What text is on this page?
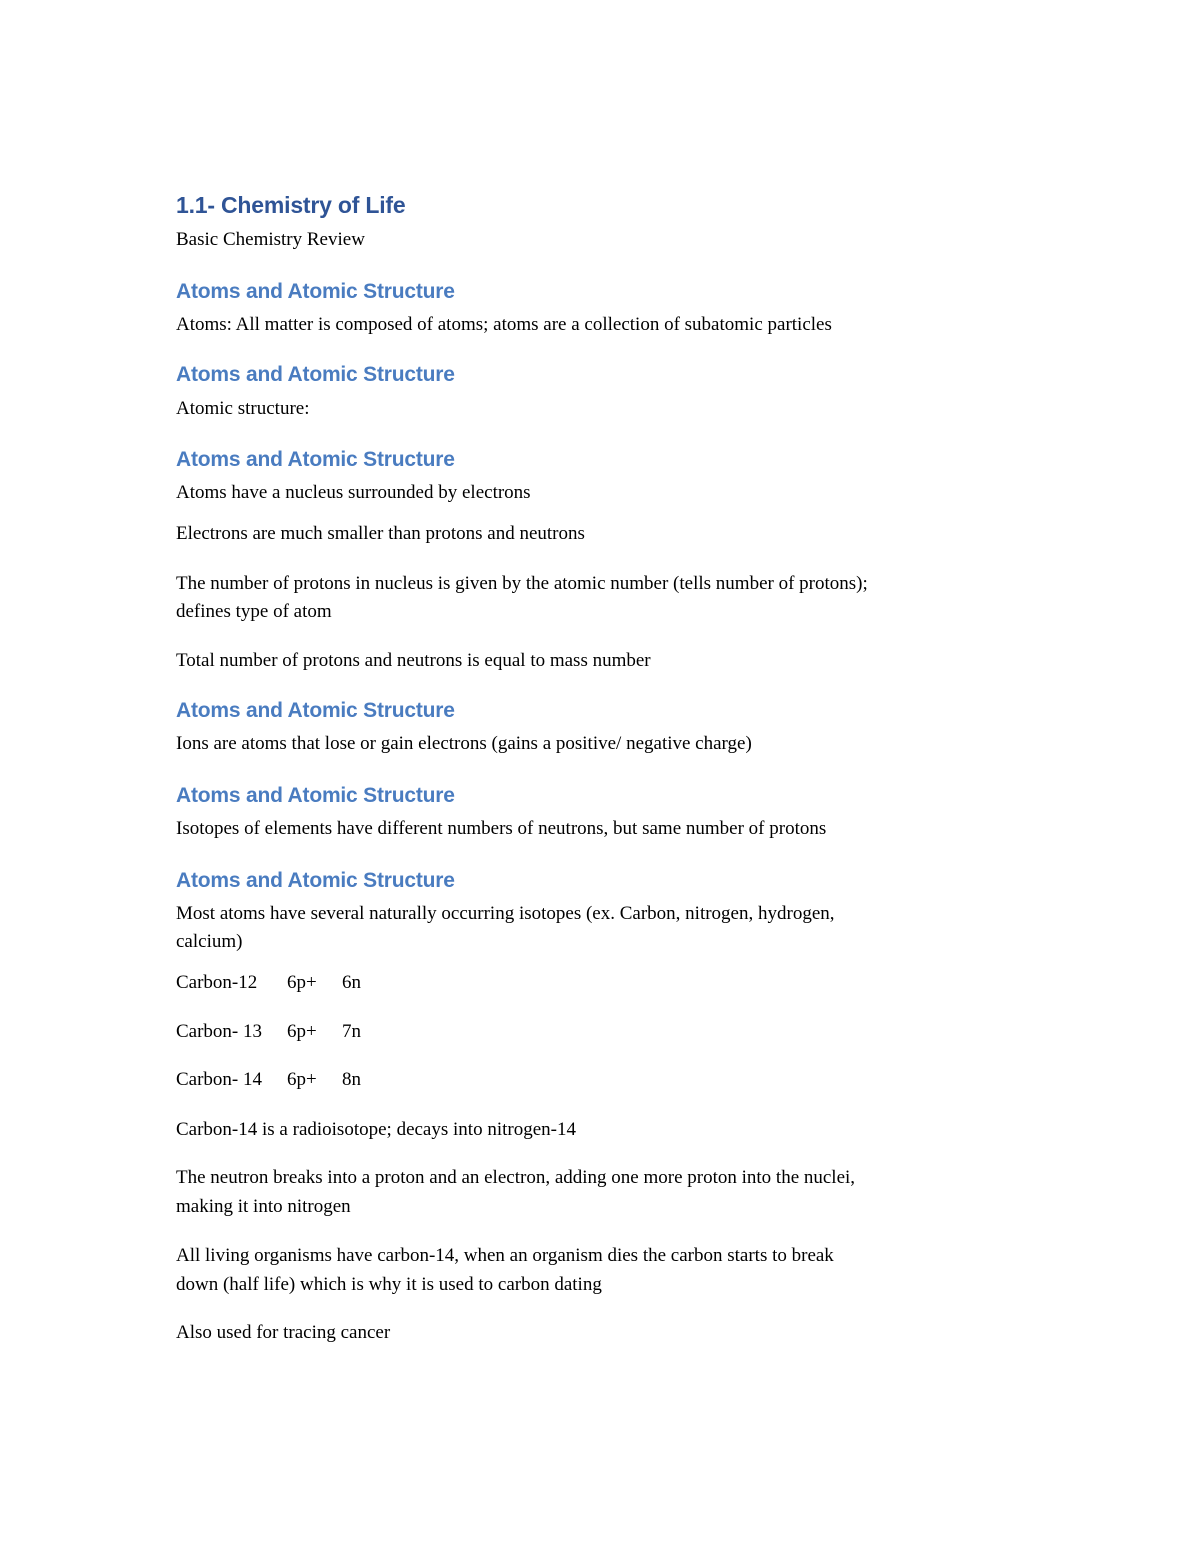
1.1- Chemistry of Life
Basic Chemistry Review
Atoms and Atomic Structure
Atoms: All matter is composed of atoms; atoms are a collection of subatomic particles
Atoms and Atomic Structure
Atomic structure:
Atoms and Atomic Structure
Atoms have a nucleus surrounded by electrons
Electrons are much smaller than protons and neutrons
The number of protons in nucleus is given by the atomic number (tells number of protons);
defines type of atom
Total number of protons and neutrons is equal to mass number
Atoms and Atomic Structure
Ions are atoms that lose or gain electrons (gains a positive/ negative charge)
Atoms and Atomic Structure
Isotopes of elements have different numbers of neutrons, but same number of protons
Atoms and Atomic Structure
Most atoms have several naturally occurring isotopes (ex. Carbon, nitrogen, hydrogen,
calcium)
Carbon-12 6p+ 6n
Carbon- 13 6p+ 7n
Carbon- 14 6p+ 8n
Carbon-14 is a radioisotope; decays into nitrogen-14
The neutron breaks into a proton and an electron, adding one more proton into the nuclei,
making it into nitrogen
All living organisms have carbon-14, when an organism dies the carbon starts to break
down (half life) which is why it is used to carbon dating
Also used for tracing cancer
